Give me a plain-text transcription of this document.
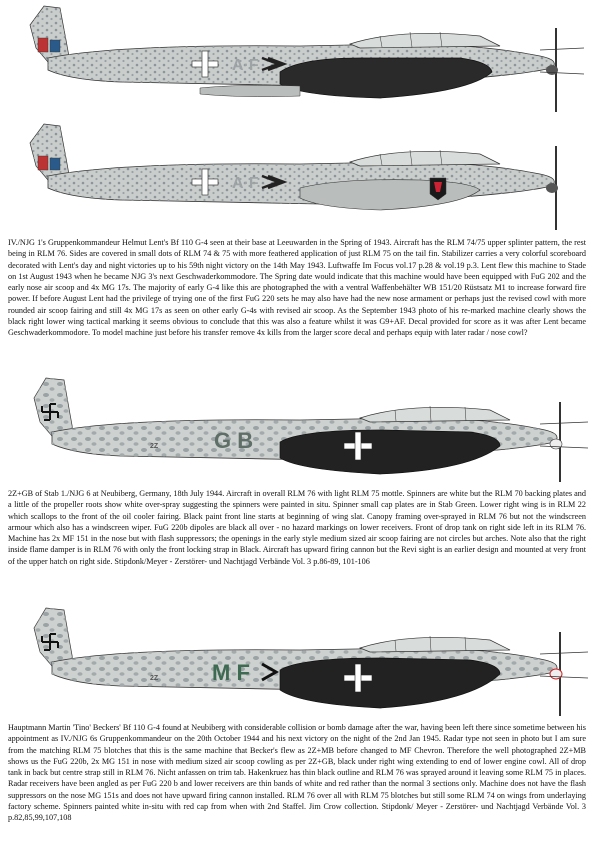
A·F
A·F

IV./NJG 1's Gruppenkommandeur Helmut Lent's Bf 110 G-4 seen at their base at Leeuwarden in the Spring of 1943. Aircraft has the RLM 74/75 upper splinter pattern, the rest being in RLM 76. Sides are covered in small dots of RLM 74 & 75 with more feathered application of just RLM 75 on the tail fin. Stabilizer carries a very colorful scoreboard decorated with Lent's day and night victories up to his 59th night victory on the 14th May 1943. Luftwaffe Im Focus vol.17 p.28 & vol.19 p.3. Lent flew this machine to Stade on 1st August 1943 when he became NJG 3's next Geschwaderkommodore. The Spring date would indicate that this machine would have been equipped with FuG 202 and the early nose air scoop and 4x MG 17s. The majority of early G-4 like this are photographed the with a ventral Waffenbehälter WB 151/20 Rüstsatz M1 to increase forward fire power. If before August Lent had the privilege of trying one of the first FuG 220 sets he may also have had the new nose armament or perhaps just the revised cowl with more rounded air scoop fairing and still 4x MG 17s as seen on other early G-4s with revised air scoop. As the September 1943 photo of his re-marked machine clearly shows the black right lower wing tactical marking it seems obvious to conclude that this was also a feature whilst it was G9+AF. Decal provided for score as it was after Lent became Geschwaderkommodore. To model machine just before his transfer remove 4x kills from the larger score decal and perhaps equip with later radar / nose cowl?

2Z	G B

2Z+GB of Stab 1./NJG 6 at Neubiberg, Germany, 18th July 1944. Aircraft in overall RLM 76 with light RLM 75 mottle. Spinners are white but the RLM 70 backing plates and a little of the propeller roots show white over-spray suggesting the spinners were painted in situ. Spinner small cap plates are in Stab Green. Lower right wing is in RLM 22 which scallops to the front of the oil cooler fairing. Black paint front line starts at beginning of wing slat. Canopy framing over-sprayed in RLM 76 but not the windscreen armour which also has a windscreen wiper. FuG 220b dipoles are black all over - no hazard markings on lower receivers. Front of drop tank on right side left in its RLM 76. Machine has 2x MF 151 in the nose but with flash suppressors; the openings in the early style medium sized air scoop fairing are not circles but arches. Note also that the right inside flame damper is in RLM 76 with only the front locking strap in Black. Aircraft has upward firing cannon but the Revi sight is an earlier design and mounted at very front of the upper hatch on right side. Stipdonk/Meyer - Zerstörer- und Nachtjagd Verbände Vol. 3 p.86-89, 101-106

2Z M F

Hauptmann Martin 'Tino' Beckers' Bf 110 G-4 found at Neubiberg with considerable collision or bomb damage after the war, having been left there since sometime between his appointment as IV./NJG 6s Gruppenkommandeur on the 20th October 1944 and his next victory on the night of the 2nd Jan 1945. Radar type not seen in photo but I am sure from the matching RLM 75 blotches that this is the same machine that Becker's flew as 2Z+MB before changed to MF Chevron. Therefore the well photographed 2Z+MB shows us the FuG 220b, 2x MG 151 in nose with medium sized air scoop cowling as per 2Z+GB, black under right wing extending to end of lower engine cowl. All of drop tank in back but centre strap still in RLM 76. Nicht anfassen on trim tab. Hakenkruez has thin black outline and RLM 76 was sprayed around it leaving some RLM 75 in places. Radar receivers have been angled as per FuG 220 b and lower receivers are thin bands of white and red rather than the normal 3 sections only. Machine does not have the flash suppressors on the nose MG 151s and does not have upward firing cannon installed. RLM 76 over all with RLM 75 blotches but still some RLM 74 on wings from underlaying factory scheme. Spinners painted white in-situ with red cap from when with 2nd Staffel. Jim Crow collection. Stipdonk/ Meyer - Zerstörer- und Nachtjagd Verbände Vol. 3 p.82,85,99,107,108
